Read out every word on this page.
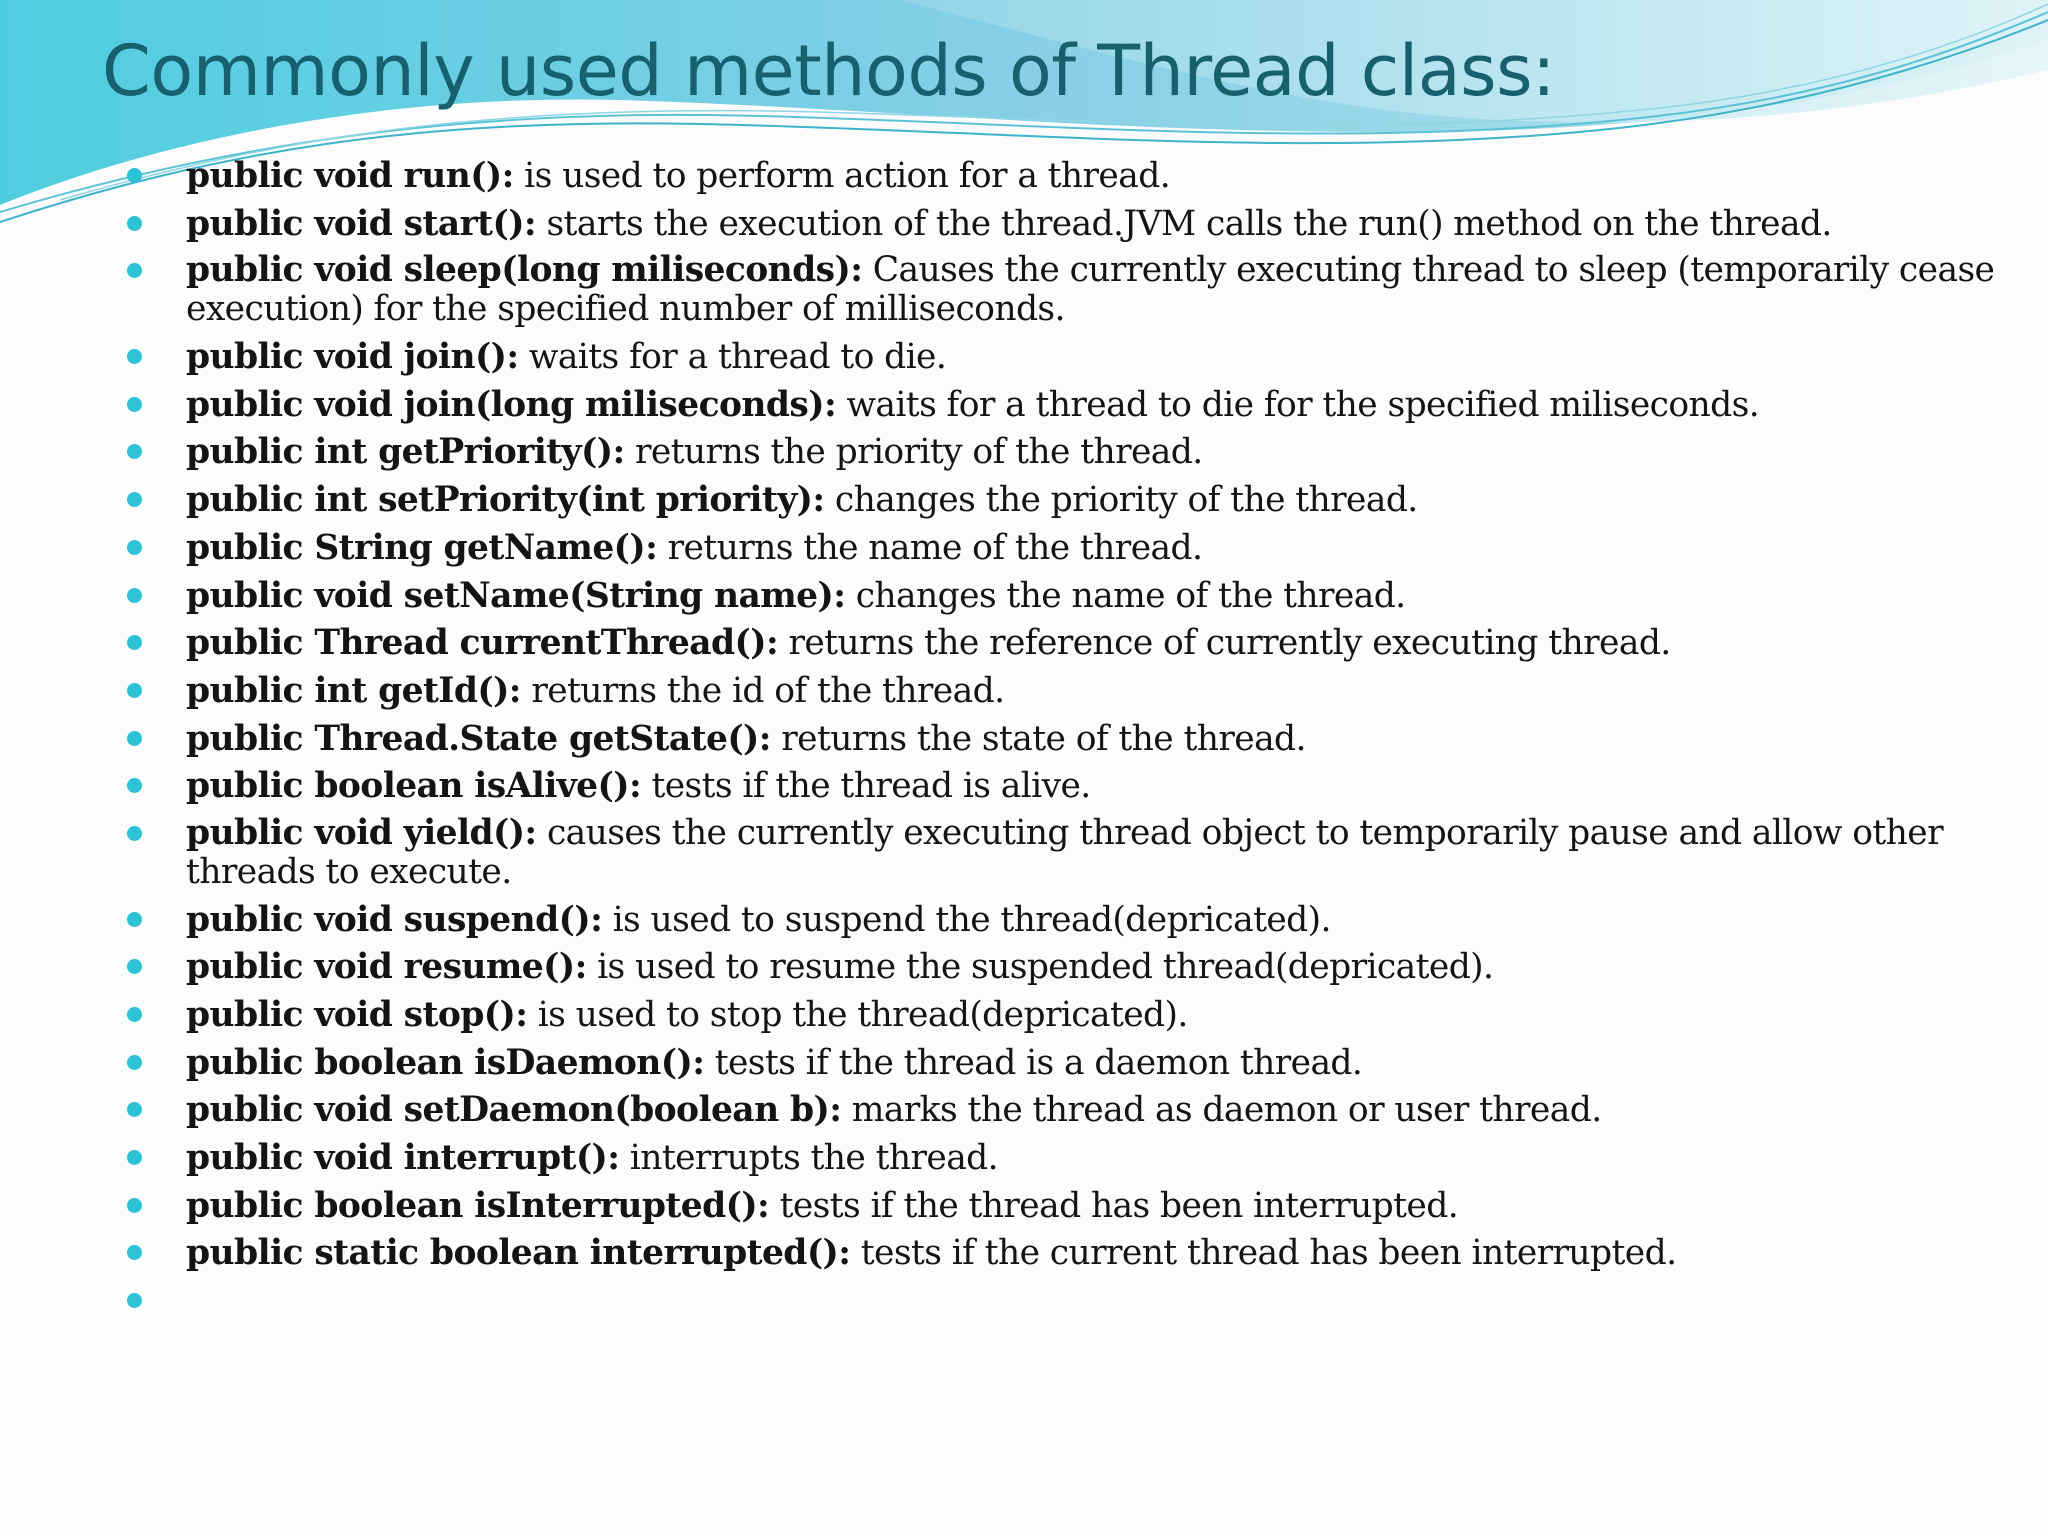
Commonly used methods of Thread class:
public void run(): is used to perform action for a thread.
public void start(): starts the execution of the thread.JVM calls the run() method on the thread.
public void sleep(long miliseconds): Causes the currently executing thread to sleep (temporarily cease execution) for the specified number of milliseconds.
public void join(): waits for a thread to die.
public void join(long miliseconds): waits for a thread to die for the specified miliseconds.
public int getPriority(): returns the priority of the thread.
public int setPriority(int priority): changes the priority of the thread.
public String getName(): returns the name of the thread.
public void setName(String name): changes the name of the thread.
public Thread currentThread(): returns the reference of currently executing thread.
public int getId(): returns the id of the thread.
public Thread.State getState(): returns the state of the thread.
public boolean isAlive(): tests if the thread is alive.
public void yield(): causes the currently executing thread object to temporarily pause and allow other threads to execute.
public void suspend(): is used to suspend the thread(depricated).
public void resume(): is used to resume the suspended thread(depricated).
public void stop(): is used to stop the thread(depricated).
public boolean isDaemon(): tests if the thread is a daemon thread.
public void setDaemon(boolean b): marks the thread as daemon or user thread.
public void interrupt(): interrupts the thread.
public boolean isInterrupted(): tests if the thread has been interrupted.
public static boolean interrupted(): tests if the current thread has been interrupted.
